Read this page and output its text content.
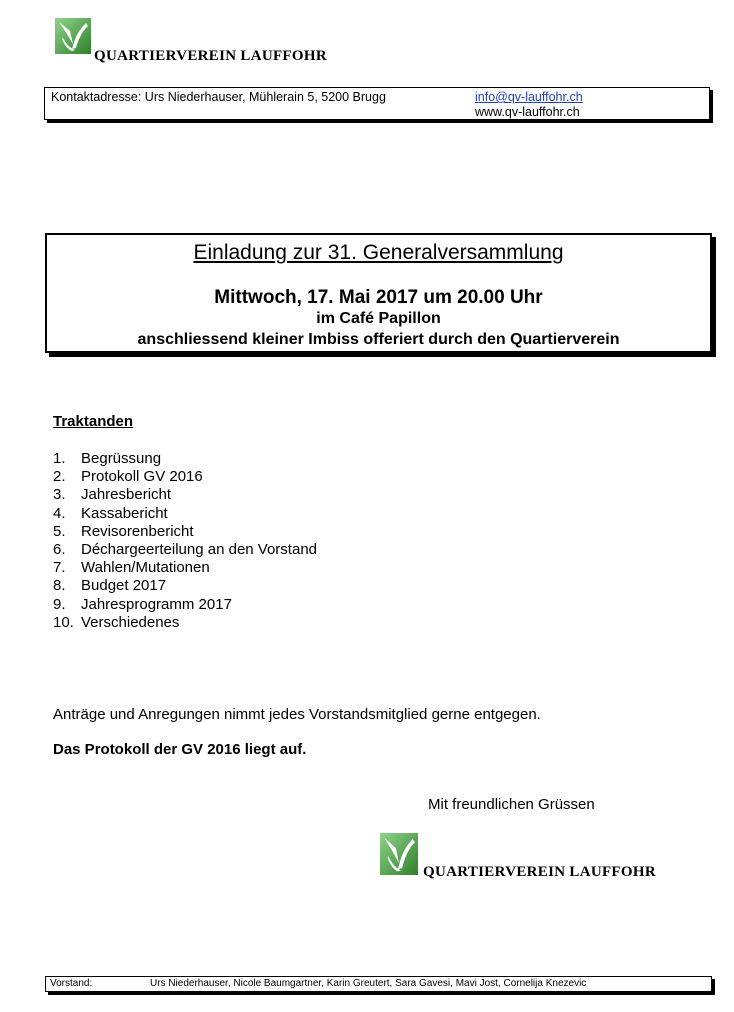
QUARTIERVEREIN LAUFFOHR
Kontaktadresse: Urs Niederhauser, Mühlerain 5, 5200 Brugg	info@qv-lauffohr.ch
www.qv-lauffohr.ch
Einladung zur 31. Generalversammlung
Mittwoch, 17. Mai 2017 um 20.00 Uhr
im Café Papillon
anschliessend kleiner Imbiss offeriert durch den Quartierverein
Traktanden
1. Begrüssung
2. Protokoll GV 2016
3. Jahresbericht
4. Kassabericht
5. Revisorenbericht
6. Déchargeerteilung an den Vorstand
7. Wahlen/Mutationen
8. Budget 2017
9. Jahresprogramm 2017
10. Verschiedenes
Anträge und Anregungen nimmt jedes Vorstandsmitglied gerne entgegen.
Das Protokoll der GV 2016 liegt auf.
Mit freundlichen Grüssen
QUARTIERVEREIN LAUFFOHR
Vorstand:	Urs Niederhauser, Nicole Baumgartner, Karin Greutert, Sara Gavesi, Mavi Jost, Cornelija Knezevic
